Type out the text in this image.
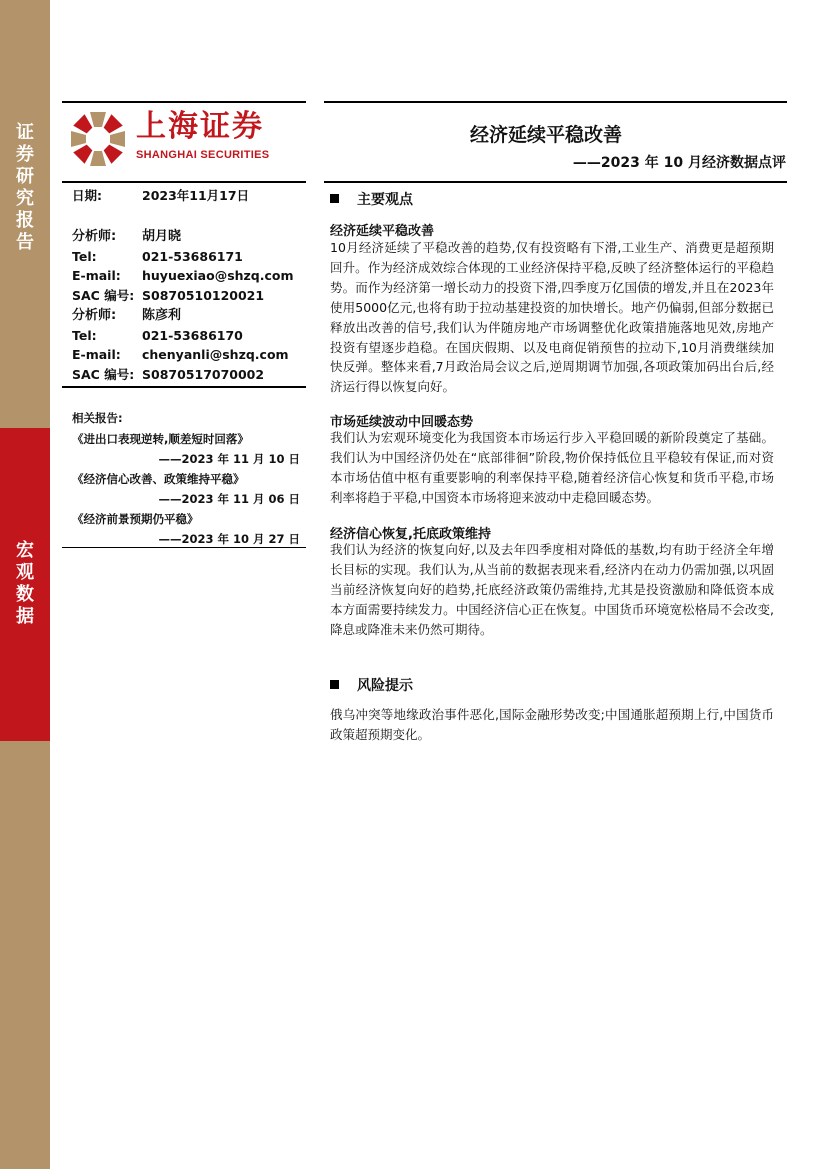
证
券
研
究
报
告
宏
观
数
据
上海证券
SHANGHAI SECURITIES
经济延续平稳改善
——2023 年 10 月经济数据点评
日期:	2023年11月17日
分析师: 胡月晓
Tel:	021-53686171
E-mail: huyuexiao@shzq.com
SAC 编号: S0870510120021
分析师: 陈彦利
Tel:	021-53686170
E-mail: chenyanli@shzq.com
SAC 编号: S0870517070002
相关报告:
《进出口表现逆转,顺差短时回落》
——2023 年 11 月 10 日
《经济信心改善、政策维持平稳》
——2023 年 11 月 06 日
《经济前景预期仍平稳》
——2023 年 10 月 27 日
主要观点
经济延续平稳改善
10月经济延续了平稳改善的趋势,仅有投资略有下滑,工业生产、消费更是超预期回升。作为经济成效综合体现的工业经济保持平稳,反映了经济整体运行的平稳趋势。而作为经济第一增长动力的投资下滑,四季度万亿国债的增发,并且在2023年使用5000亿元,也将有助于拉动基建投资的加快增长。地产仍偏弱,但部分数据已释放出改善的信号,我们认为伴随房地产市场调整优化政策措施落地见效,房地产投资有望逐步趋稳。在国庆假期、以及电商促销预售的拉动下,10月消费继续加快反弹。整体来看,7月政治局会议之后,逆周期调节加强,各项政策加码出台后,经济运行得以恢复向好。
市场延续波动中回暖态势
我们认为宏观环境变化为我国资本市场运行步入平稳回暖的新阶段奠定了基础。我们认为中国经济仍处在“底部徘徊”阶段,物价保持低位且平稳较有保证,而对资本市场估值中枢有重要影响的利率保持平稳,随着经济信心恢复和货币平稳,市场利率将趋于平稳,中国资本市场将迎来波动中走稳回暖态势。
经济信心恢复,托底政策维持
我们认为经济的恢复向好,以及去年四季度相对降低的基数,均有助于经济全年增长目标的实现。我们认为,从当前的数据表现来看,经济内在动力仍需加强,以巩固当前经济恢复向好的趋势,托底经济政策仍需维持,尤其是投资激励和降低资本成本方面需要持续发力。中国经济信心正在恢复。中国货币环境宽松格局不会改变,降息或降准未来仍然可期待。
风险提示
俄乌冲突等地缘政治事件恶化,国际金融形势改变;中国通胀超预期上行,中国货币政策超预期变化。
